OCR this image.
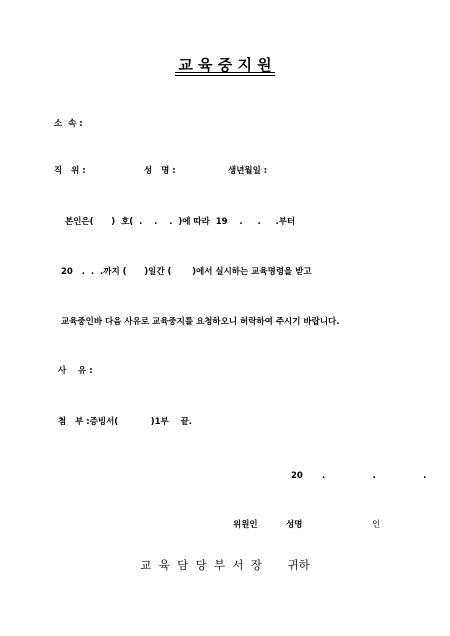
교 육 중 지 원
소  속 :
직   위 :	성   명 :	생년월일 :
본인은(      )  호(  .    .    .  )에 따라  19    .     .     .부터
20   .  .  .까지 (      )일간 (       )에서 실시하는 교육명령을 받고
교육중인바 다음 사유로 교육중지를 요청하오니 허락하여 주시기 바랍니다.
사    유 :
첨   부 :증빙서(           )1부    끝.
20 .                .                .
위원인	성명	인
교  육  담  당  부  서  장       귀하
